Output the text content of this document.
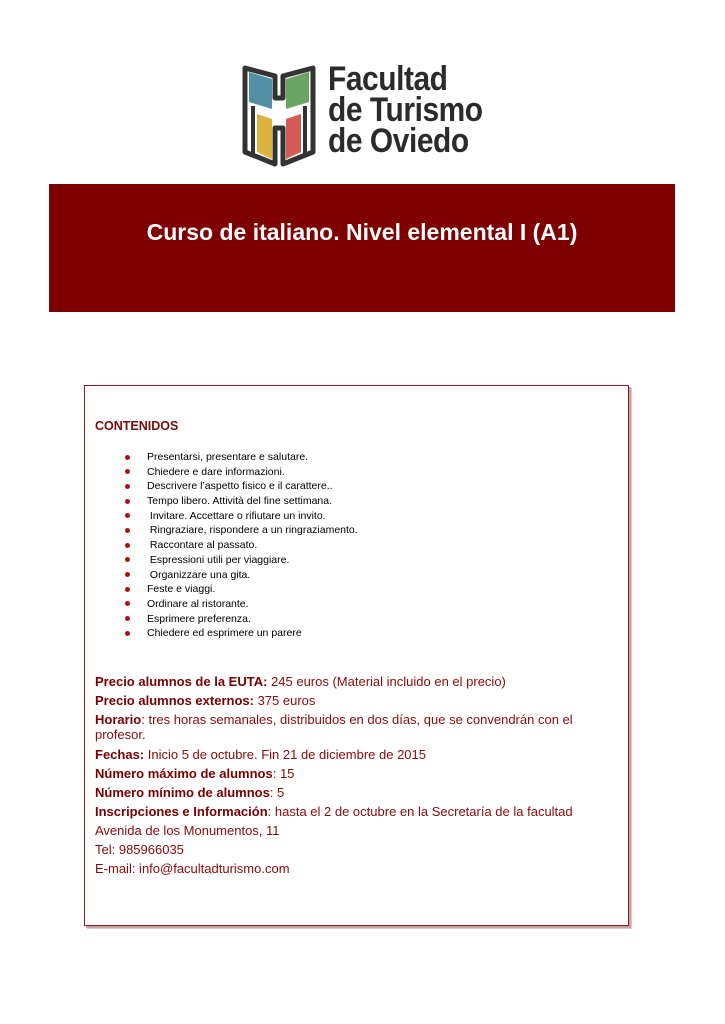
Facultad
de Turismo
de Oviedo
Curso de italiano. Nivel elemental I (A1)
CONTENIDOS
Presentarsi, presentare e salutare.
Chiedere e dare informazioni.
Descrivere l’aspetto fisico e il carattere..
Tempo libero. Attività del fine settimana.
Invitare. Accettare o rifiutare un invito.
Ringraziare, rispondere a un ringraziamento.
Raccontare al passato.
Espressioni utili per viaggiare.
Organizzare una gita.
Feste e viaggi.
Ordinare al ristorante.
Esprimere preferenza.
Chiedere ed esprimere un parere
Precio alumnos de la EUTA: 245 euros (Material incluido en el precio)
Precio alumnos externos: 375 euros
Horario: tres horas semanales, distribuidos en dos días, que se convendrán con el profesor.
Fechas: Inicio 5 de octubre. Fin 21 de diciembre de 2015
Número máximo de alumnos: 15
Número mínimo de alumnos: 5
Inscripciones e Información: hasta el 2 de octubre en la Secretaría de la facultad
Avenida de los Monumentos, 11
Tel: 985966035
E-mail: info@facultadturismo.com
